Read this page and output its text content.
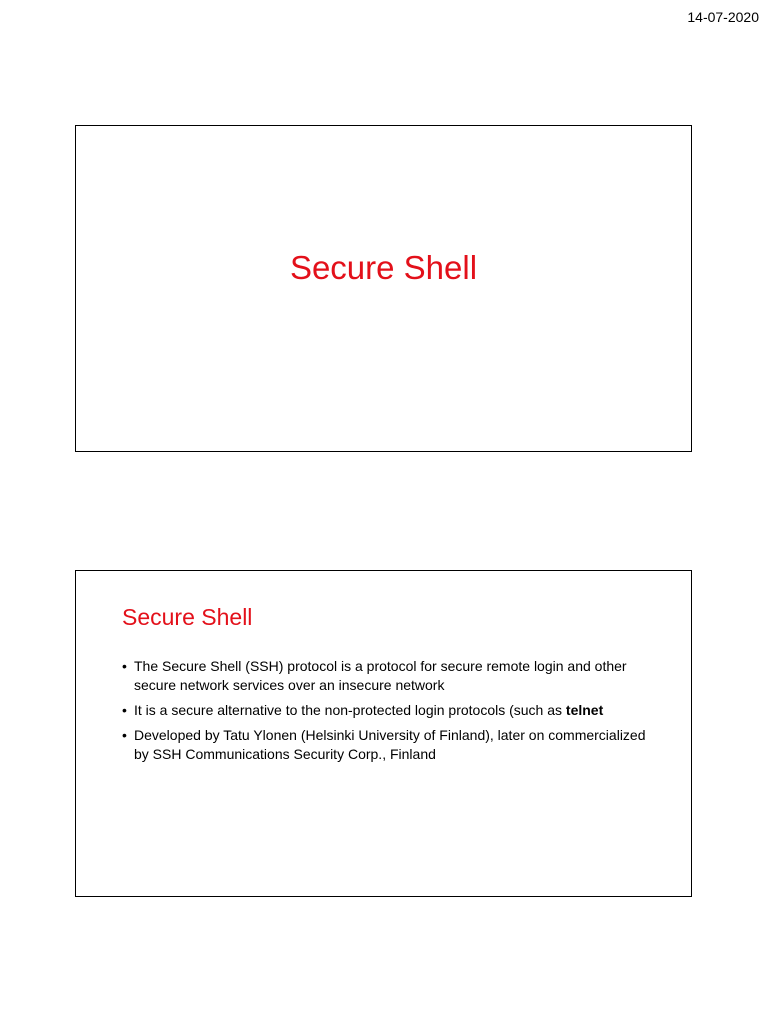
14-07-2020
Secure Shell
Secure Shell
• The Secure Shell (SSH) protocol is a protocol for secure remote login and other secure network services over an insecure network
• It is a secure alternative to the non-protected login protocols (such as telnet
• Developed by Tatu Ylonen (Helsinki University of Finland), later on commercialized by SSH Communications Security Corp., Finland
